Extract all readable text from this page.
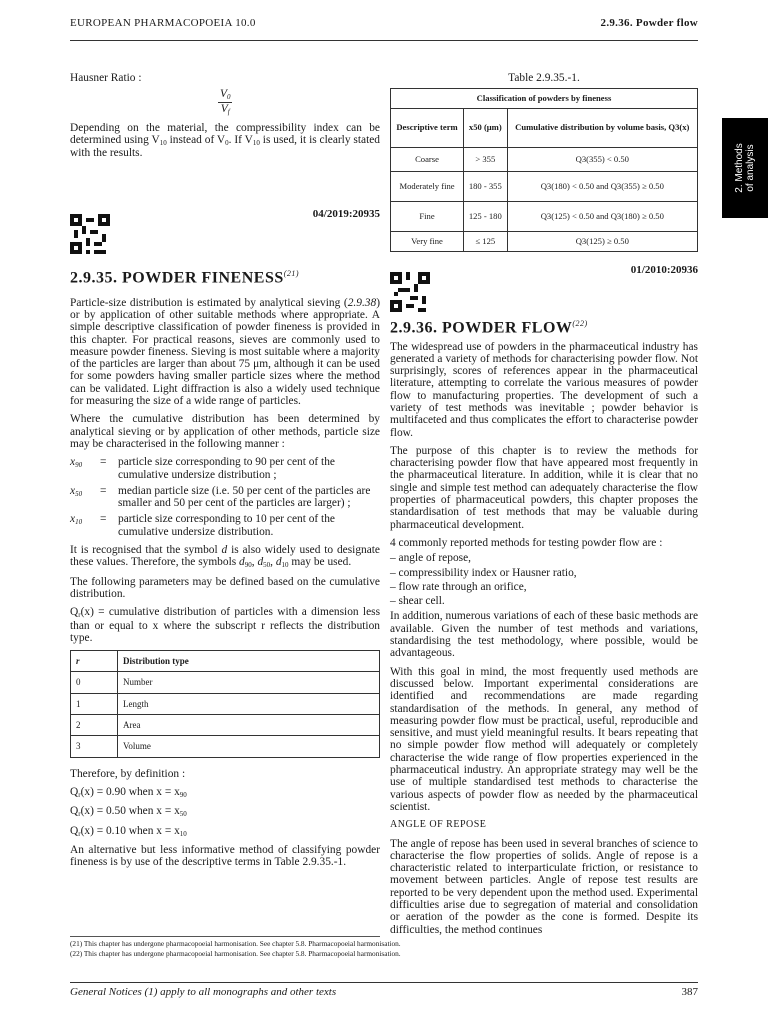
EUROPEAN PHARMACOPOEIA 10.0	2.9.36. Powder flow
2. Methods of analysis

Hausner Ratio :

$\frac{V0}{Vf}$

Depending on the material, the compressibility index can be determined using V10 instead of V0. If V10 is used, it is clearly stated with the results.

04/2019:20935
2.9.35. POWDER FINENESS$^{(21)}$

Particle-size distribution is estimated by analytical sieving (2.9.38) or by application of other suitable methods where appropriate. A simple descriptive classification of powder fineness is provided in this chapter. For practical reasons, sieves are commonly used to measure powder fineness. Sieving is most suitable where a majority of the particles are larger than about 75 μm, although it can be used for some powders having smaller particle sizes where the method can be validated. Light diffraction is also a widely used technique for measuring the size of a wide range of particles.

Where the cumulative distribution has been determined by analytical sieving or by application of other methods, particle size may be characterised in the following manner :

x90	=	particle size corresponding to 90 per cent of the cumulative undersize distribution ;
x50	=	median particle size (i.e. 50 per cent of the particles are smaller and 50 per cent of the particles are larger) ;
x10	=	particle size corresponding to 10 per cent of the cumulative undersize distribution.

It is recognised that the symbol d is also widely used to designate these values. Therefore, the symbols d90, d50, d10 may be used.

The following parameters may be defined based on the cumulative distribution.

Qr(x) = cumulative distribution of particles with a dimension less than or equal to x where the subscript r reflects the distribution type.

r	Distribution type
0	Number
1	Length
2	Area
3	Volume

Therefore, by definition :

Qr(x) = 0.90 when x = x90

Qr(x) = 0.50 when x = x50

Qr(x) = 0.10 when x = x10

An alternative but less informative method of classifying powder fineness is by use of the descriptive terms in Table 2.9.35.-1.

Table 2.9.35.-1.
Classification of powders by fineness		
Descriptive term	x50 (μm)	Cumulative distribution by volume basis, Q3(x)
Coarse	> 355	Q3(355) < 0.50
Moderately fine	180 - 355	Q3(180) < 0.50 and Q3(355) ≥ 0.50
Fine	125 - 180	Q3(125) < 0.50 and Q3(180) ≥ 0.50
Very fine	≤ 125	Q3(125) ≥ 0.50
01/2010:20936
2.9.36. POWDER FLOW$^{(22)}$

The widespread use of powders in the pharmaceutical industry has generated a variety of methods for characterising powder flow. Not surprisingly, scores of references appear in the pharmaceutical literature, attempting to correlate the various measures of powder flow to manufacturing properties. The development of such a variety of test methods was inevitable ; powder behavior is multifaceted and thus complicates the effort to characterise powder flow.

The purpose of this chapter is to review the methods for characterising powder flow that have appeared most frequently in the pharmaceutical literature. In addition, while it is clear that no single and simple test method can adequately characterise the flow properties of pharmaceutical powders, this chapter proposes the standardisation of test methods that may be valuable during pharmaceutical development.

4 commonly reported methods for testing powder flow are :

– angle of repose,
– compressibility index or Hausner ratio,
– flow rate through an orifice,
– shear cell.

In addition, numerous variations of each of these basic methods are available. Given the number of test methods and variations, standardising the test methodology, where possible, would be advantageous.

With this goal in mind, the most frequently used methods are discussed below. Important experimental considerations are identified and recommendations are made regarding standardisation of the methods. In general, any method of measuring powder flow must be practical, useful, reproducible and sensitive, and must yield meaningful results. It bears repeating that no simple powder flow method will adequately or completely characterise the wide range of flow properties experienced in the pharmaceutical industry. An appropriate strategy may well be the use of multiple standardised test methods to characterise the various aspects of powder flow as needed by the pharmaceutical scientist.

ANGLE OF REPOSE

The angle of repose has been used in several branches of science to characterise the flow properties of solids. Angle of repose is a characteristic related to interparticulate friction, or resistance to movement between particles. Angle of repose test results are reported to be very dependent upon the method used. Experimental difficulties arise due to segregation of material and consolidation or aeration of the powder as the cone is formed. Despite its difficulties, the method continues

(21) This chapter has undergone pharmacopoeial harmonisation. See chapter 5.8. Pharmacopoeial harmonisation.
(22) This chapter has undergone pharmacopoeial harmonisation. See chapter 5.8. Pharmacopoeial harmonisation.
General Notices (1) apply to all monographs and other texts	387
